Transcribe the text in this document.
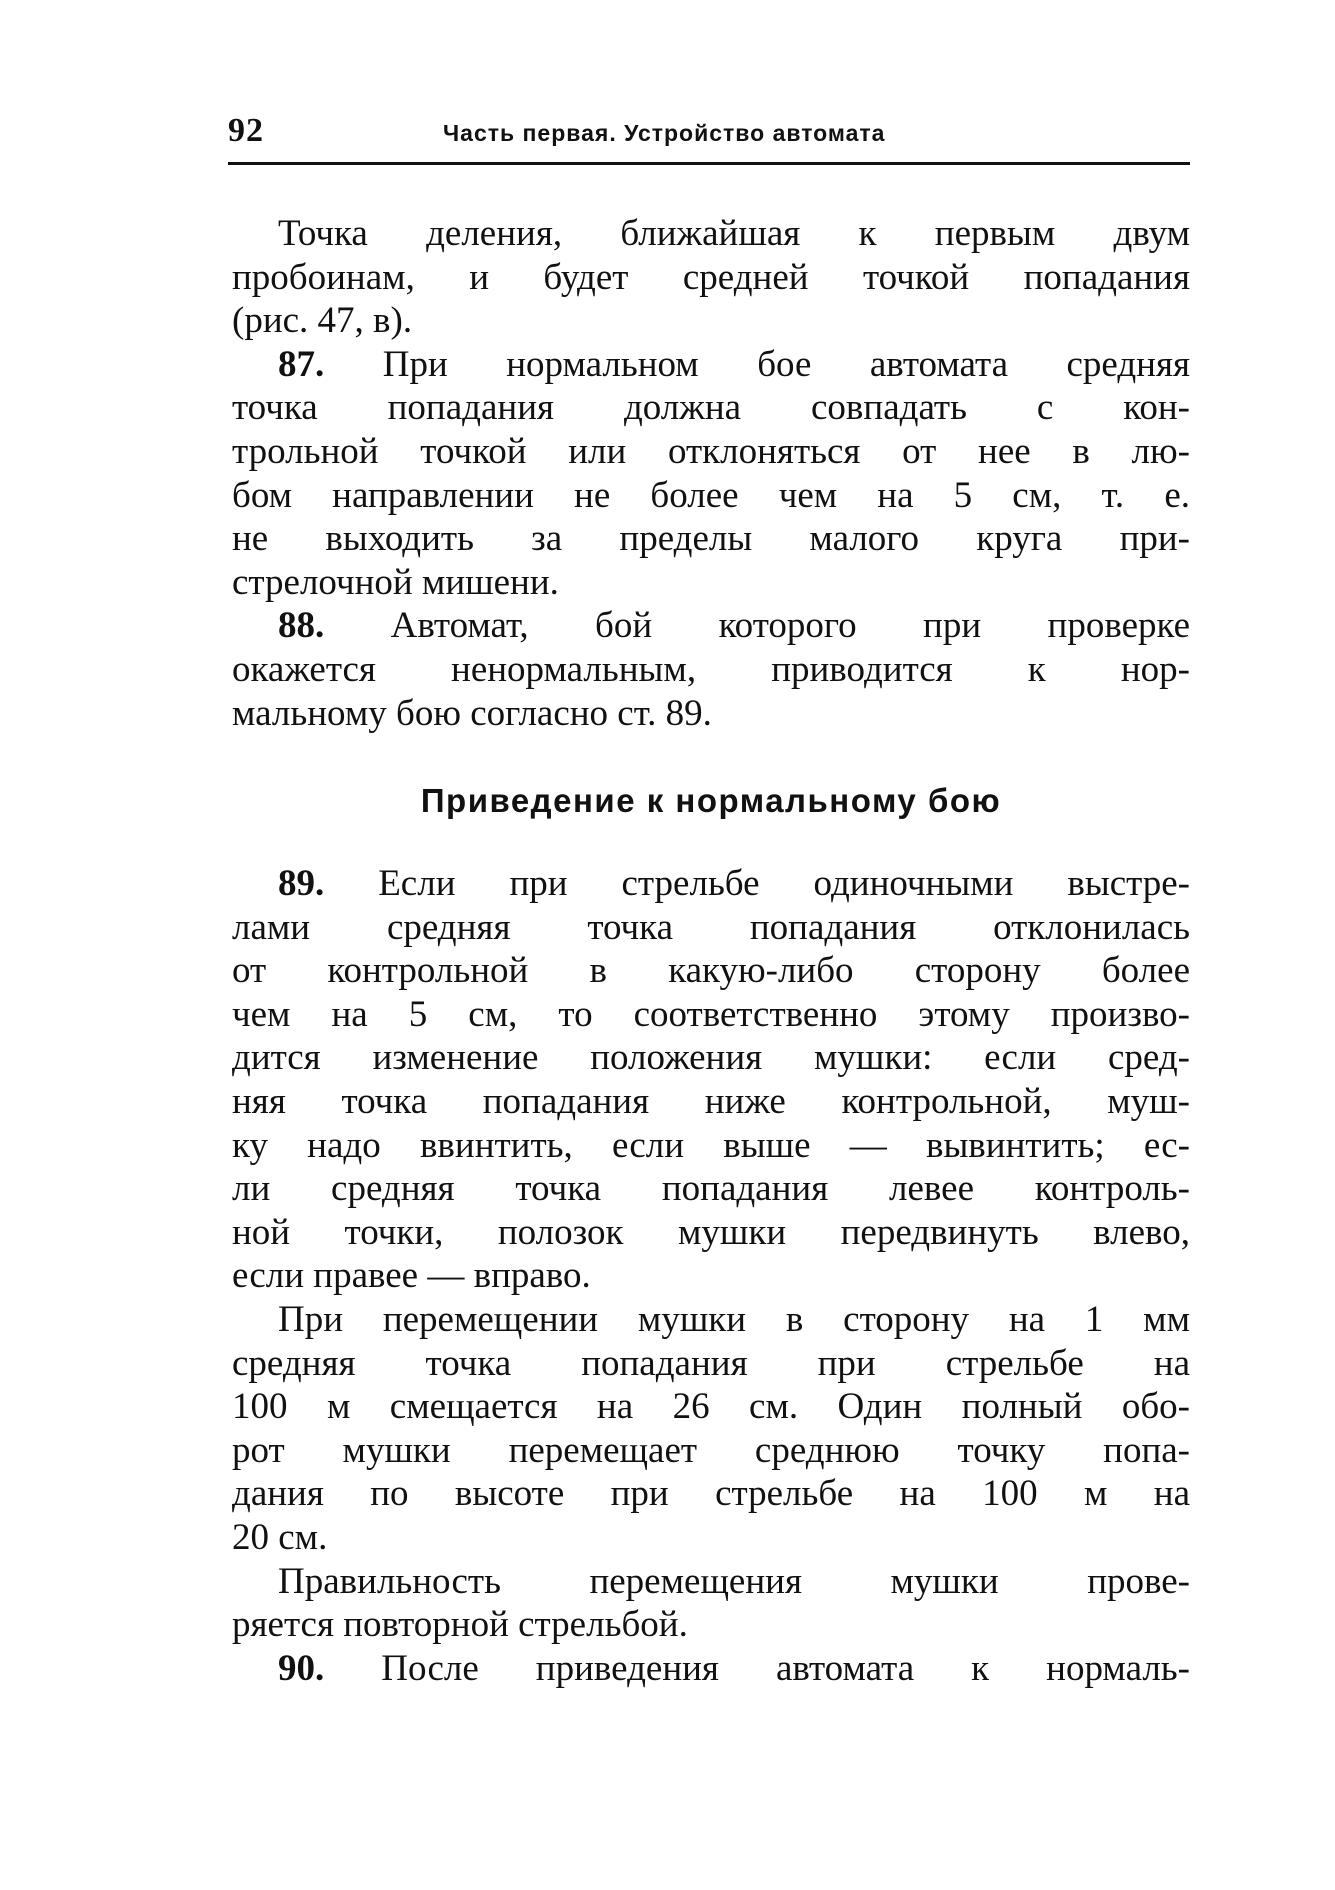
92	Часть первая. Устройство автомата
Точка деления, ближайшая к первым двум
пробоинам, и будет средней точкой попадания
(рис. 47, в).
87. При нормальном бое автомата средняя
точка попадания должна совпадать с кон-
трольной точкой или отклоняться от нее в лю-
бом направлении не более чем на 5 см, т. е.
не выходить за пределы малого круга при-
стрелочной мишени.
88. Автомат, бой которого при проверке
окажется ненормальным, приводится к нор-
мальному бою согласно ст. 89.
Приведение к нормальному бою
89. Если при стрельбе одиночными выстре-
лами средняя точка попадания отклонилась
от контрольной в какую-либо сторону более
чем на 5 см, то соответственно этому произво-
дится изменение положения мушки: если сред-
няя точка попадания ниже контрольной, муш-
ку надо ввинтить, если выше — вывинтить; ес-
ли средняя точка попадания левее контроль-
ной точки, полозок мушки передвинуть влево,
если правее — вправо.
При перемещении мушки в сторону на 1 мм
средняя точка попадания при стрельбе на
100 м смещается на 26 см. Один полный обо-
рот мушки перемещает среднюю точку попа-
дания по высоте при стрельбе на 100 м на
20 см.
Правильность перемещения мушки прове-
ряется повторной стрельбой.
90. После приведения автомата к нормаль-
